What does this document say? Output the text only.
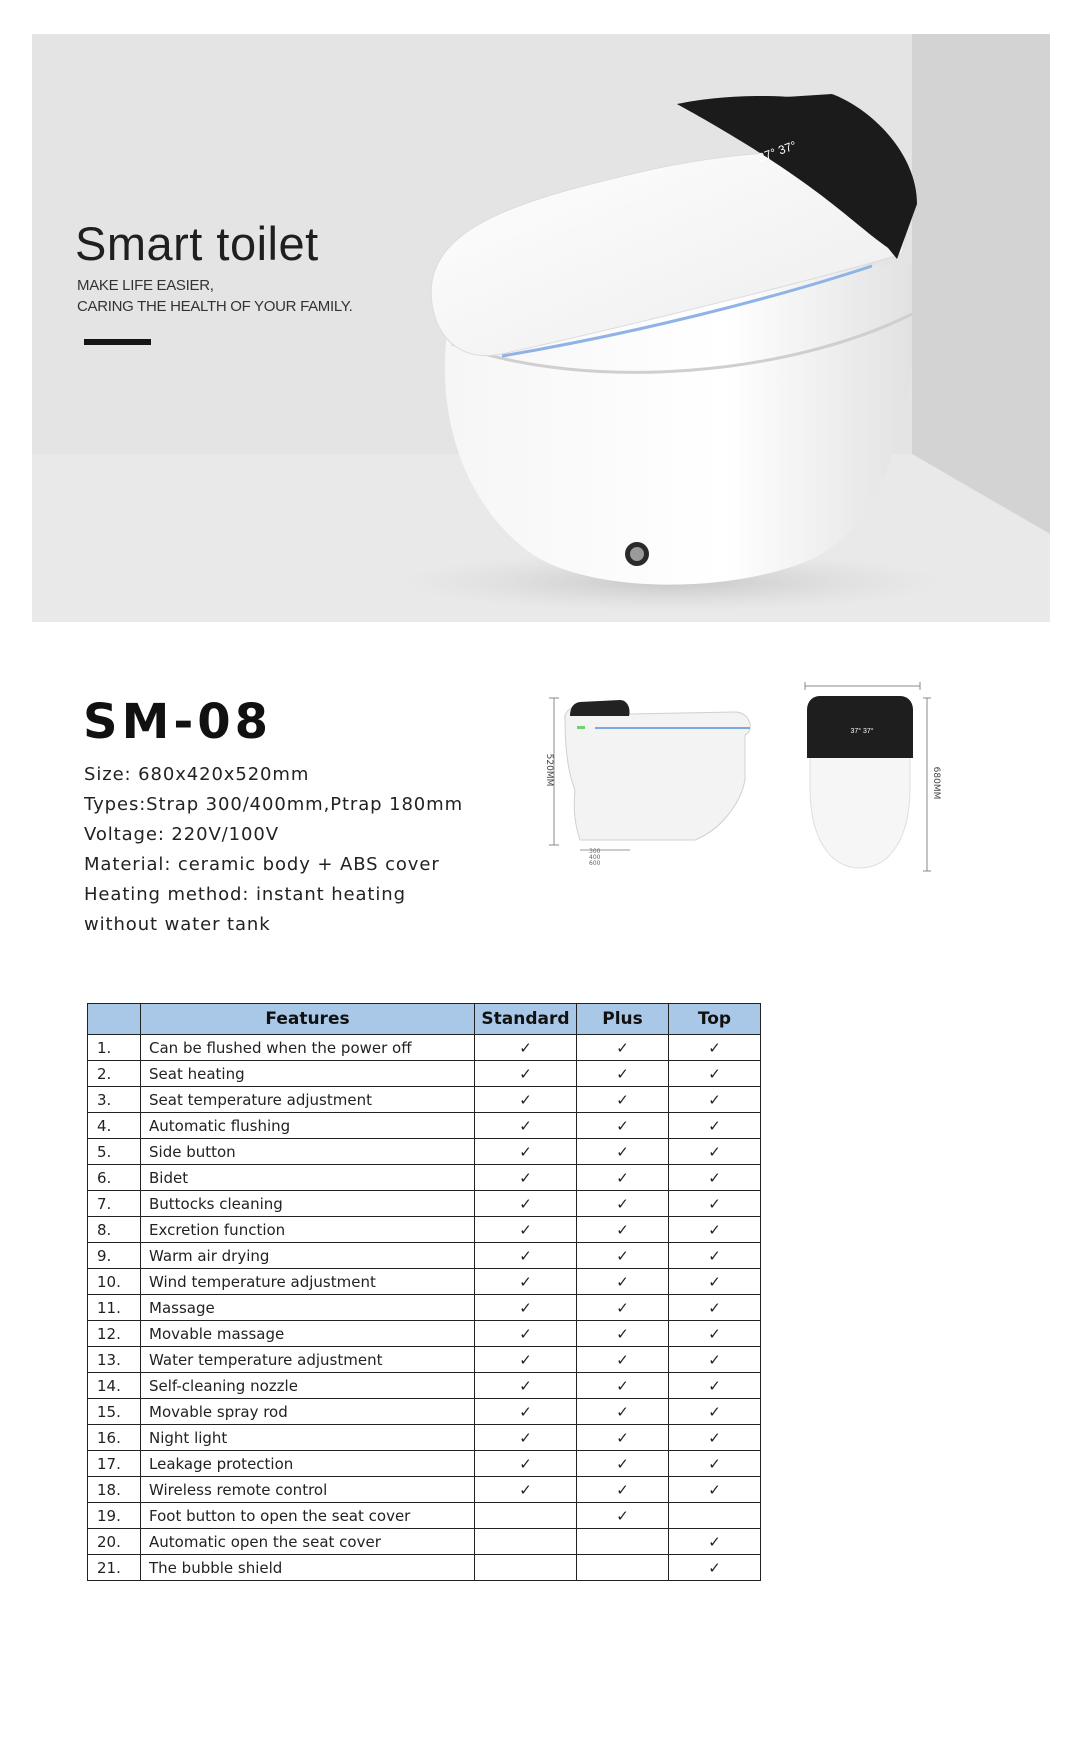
37° 37°
Smart toilet
MAKE LIFE EASIER,
CARING THE HEALTH OF YOUR FAMILY.
SM-08
Size: 680x420x520mm
Types:Strap 300/400mm,Ptrap 180mm
Voltage: 220V/100V
Material: ceramic body + ABS cover
Heating method: instant heating
without water tank
520MM
300
400
600
680MM
37° 37°
	Features	Standard	Plus	Top
1.	Can be flushed when the power off	✓	✓	✓
2.	Seat heating	✓	✓	✓
3.	Seat temperature adjustment	✓	✓	✓
4.	Automatic flushing	✓	✓	✓
5.	Side button	✓	✓	✓
6.	Bidet	✓	✓	✓
7.	Buttocks cleaning	✓	✓	✓
8.	Excretion function	✓	✓	✓
9.	Warm air drying	✓	✓	✓
10.	Wind temperature adjustment	✓	✓	✓
11.	Massage	✓	✓	✓
12.	Movable massage	✓	✓	✓
13.	Water temperature adjustment	✓	✓	✓
14.	Self-cleaning nozzle	✓	✓	✓
15.	Movable spray rod	✓	✓	✓
16.	Night light	✓	✓	✓
17.	Leakage protection	✓	✓	✓
18.	Wireless remote control	✓	✓	✓
19.	Foot button to open the seat cover		✓	
20.	Automatic open the seat cover			✓
21.	The bubble shield			✓
